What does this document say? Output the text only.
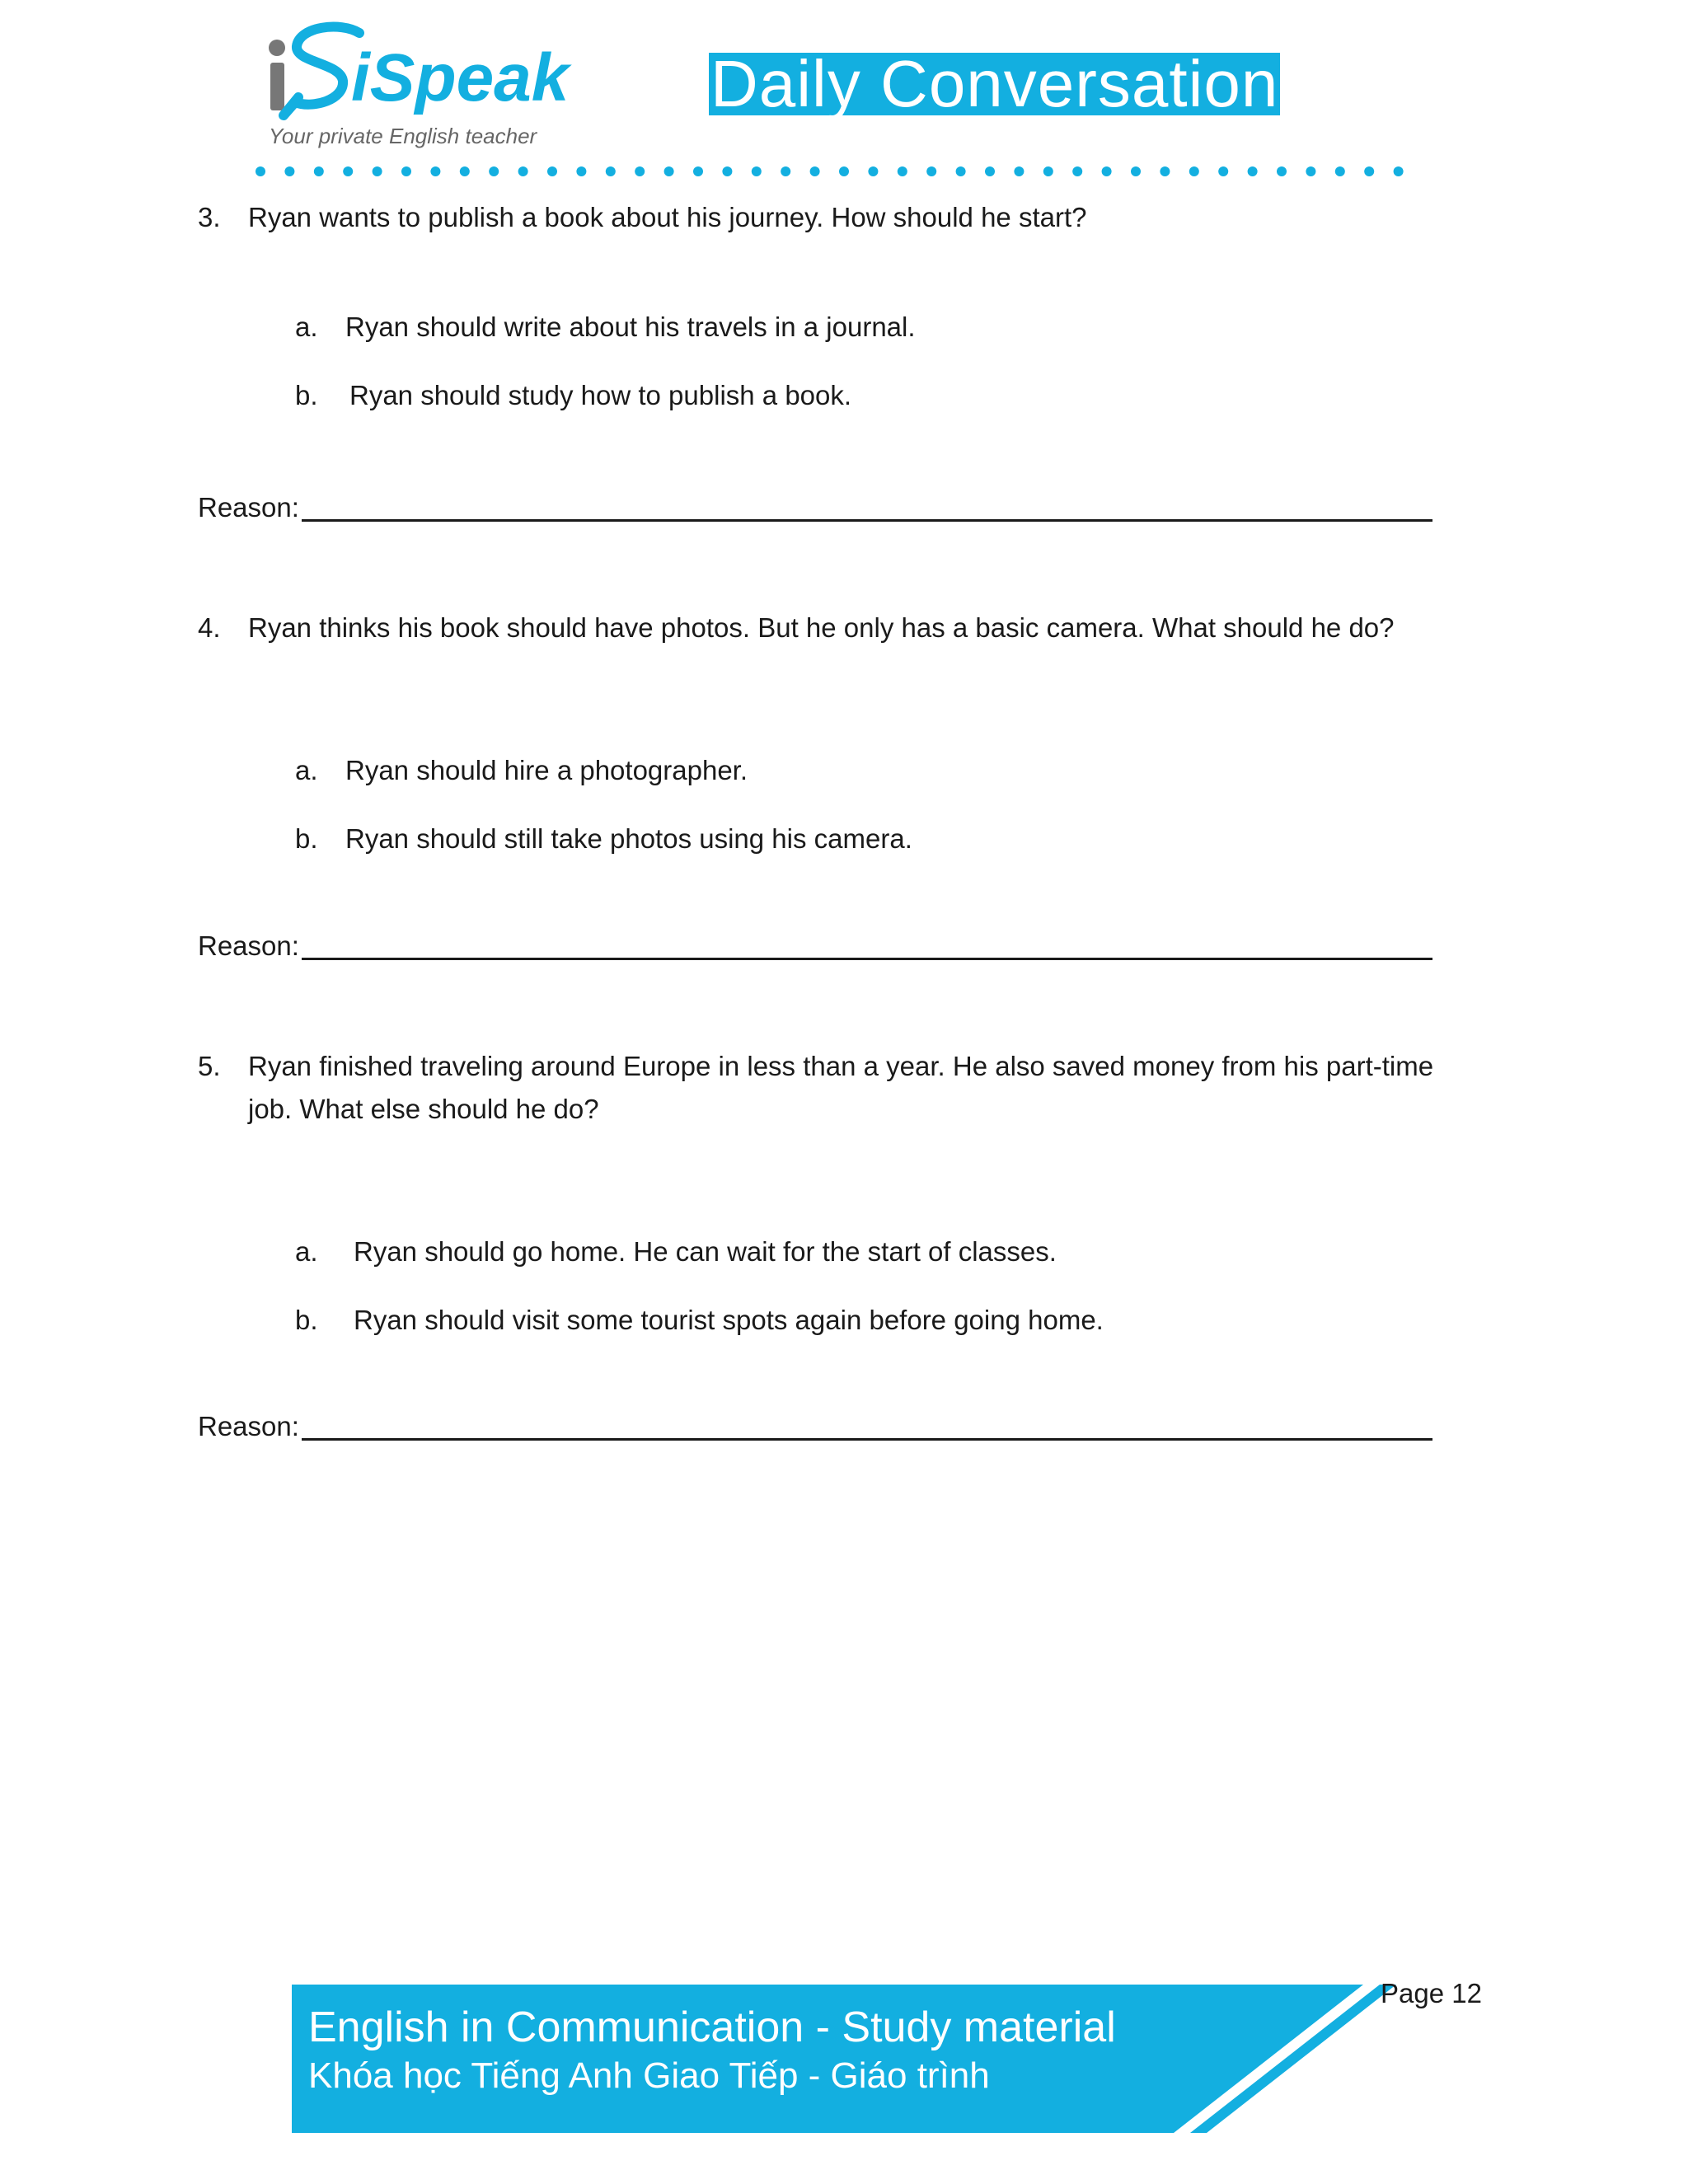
iSpeak
Your private English teacher
Daily Conversation
3. Ryan wants to publish a book about his journey. How should he start?
a. Ryan should write about his travels in a journal.
b. Ryan should study how to publish a book.
Reason:
4. Ryan thinks his book should have photos. But he only has a basic camera. What should he do?
a. Ryan should hire a photographer.
b. Ryan should still take photos using his camera.
Reason:
5. Ryan finished traveling around Europe in less than a year. He also saved money from his part-time
job. What else should he do?
a. Ryan should go home. He can wait for the start of classes.
b. Ryan should visit some tourist spots again before going home.
Reason:
English in Communication - Study material
Khóa học Tiếng Anh Giao Tiếp - Giáo trình
Page 12
